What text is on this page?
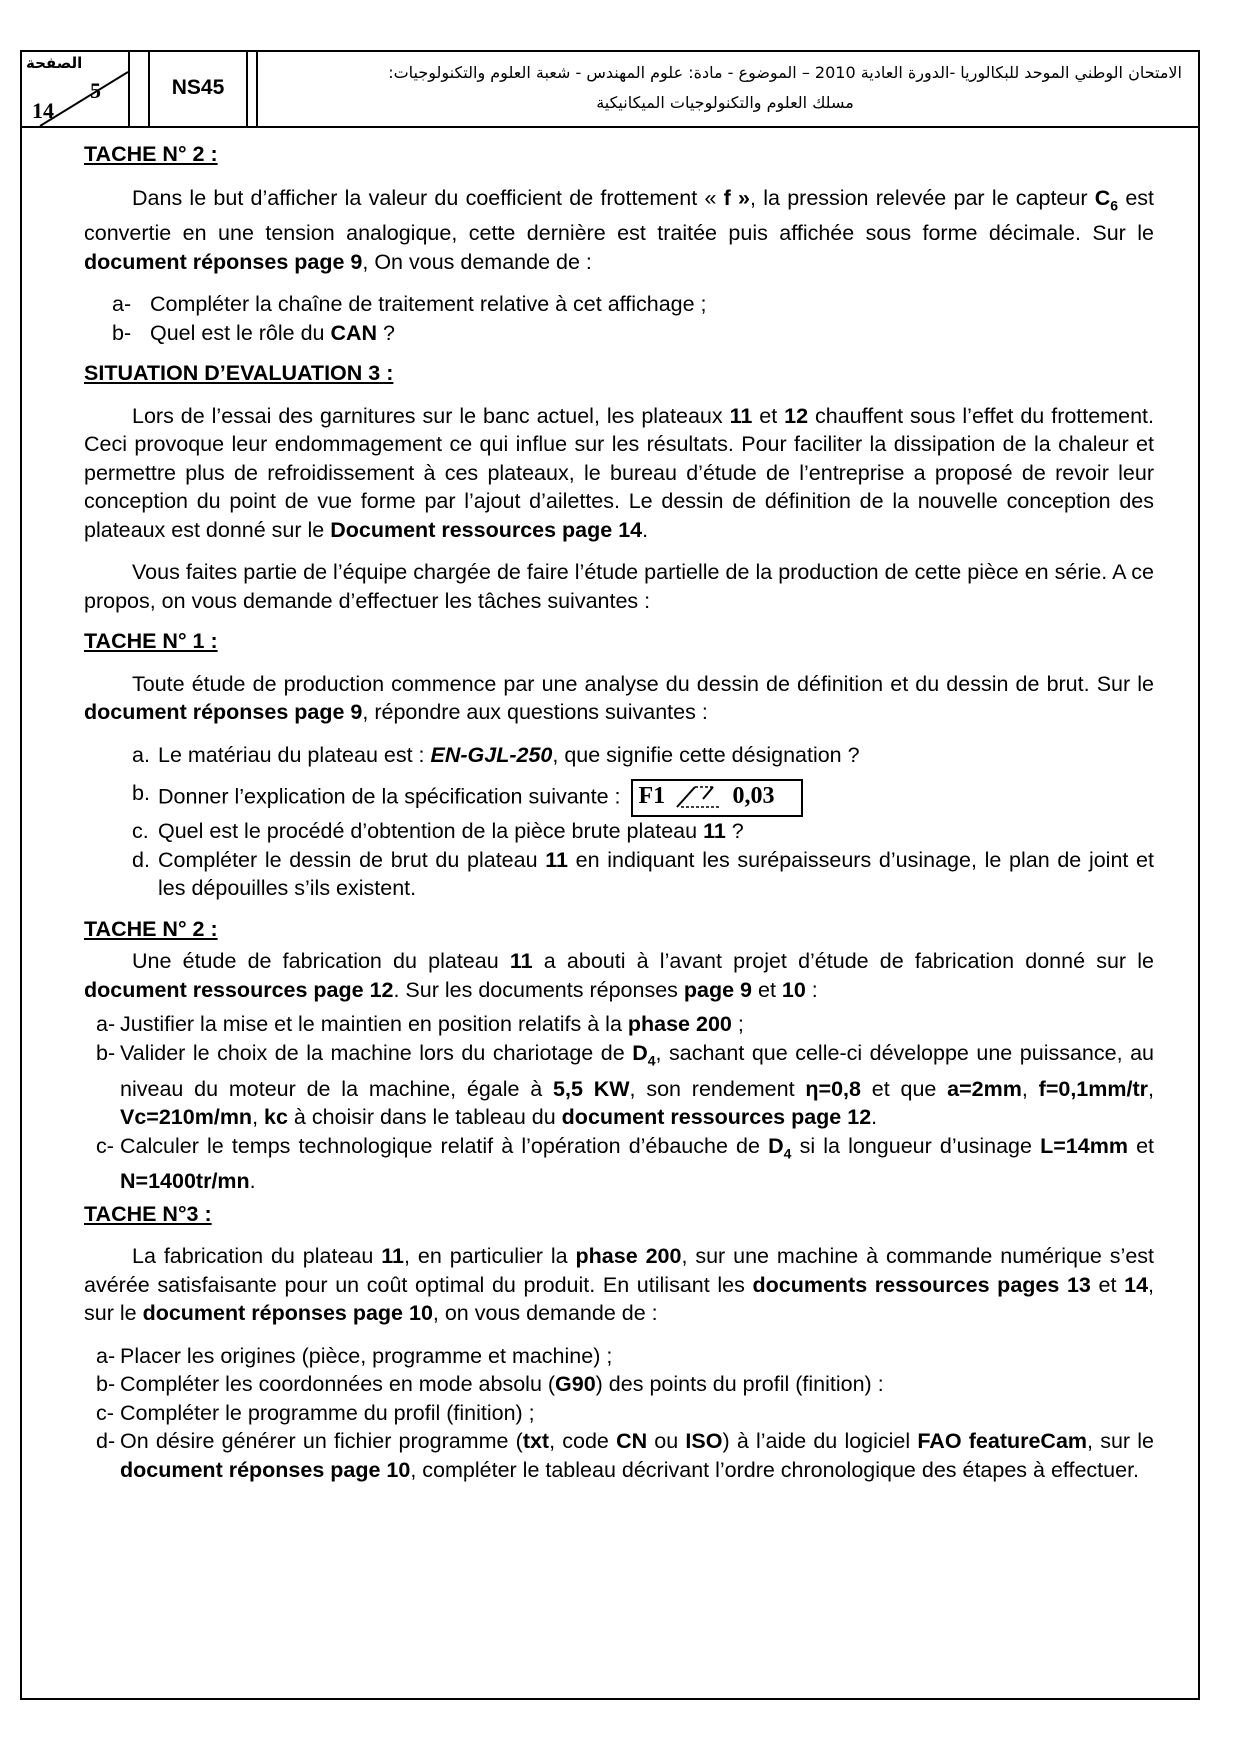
الصفحة
5
14
NS45
الامتحان الوطني الموحد للبكالوريا -الدورة العادية 2010 – الموضوع - مادة: علوم المهندس - شعبة العلوم والتكنولوجيات:
مسلك العلوم والتكنولوجيات الميكانيكية

TACHE N° 2 :

Dans le but d’afficher la valeur du coefficient de frottement « f », la pression relevée par le capteur $C_6$ est convertie en une tension analogique, cette dernière est traitée puis affichée sous forme décimale. Sur le document réponses page 9, On vous demande de :

a- Compléter la chaîne de traitement relative à cet affichage ;
b- Quel est le rôle du CAN ?

SITUATION D’EVALUATION 3 :

Lors de l’essai des garnitures sur le banc actuel, les plateaux 11 et 12 chauffent sous l’effet du frottement. Ceci provoque leur endommagement ce qui influe sur les résultats. Pour faciliter la dissipation de la chaleur et permettre plus de refroidissement à ces plateaux, le bureau d’étude de l’entreprise a proposé de revoir leur conception du point de vue forme par l’ajout d’ailettes. Le dessin de définition de la nouvelle conception des plateaux est donné sur le Document ressources page 14.

Vous faites partie de l’équipe chargée de faire l’étude partielle de la production de cette pièce en série. A ce propos, on vous demande d’effectuer les tâches suivantes :

TACHE N° 1 :

Toute étude de production commence par une analyse du dessin de définition et du dessin de brut. Sur le document réponses page 9, répondre aux questions suivantes :

a. Le matériau du plateau est : EN-GJL-250, que signifie cette désignation ?
b. Donner l’explication de la spécification suivante : F1	0,03
c. Quel est le procédé d’obtention de la pièce brute plateau 11 ?
d. Compléter le dessin de brut du plateau 11 en indiquant les surépaisseurs d’usinage, le plan de joint et les dépouilles s’ils existent.

TACHE N° 2 :

Une étude de fabrication du plateau 11 a abouti à l’avant projet d’étude de fabrication donné sur le document ressources page 12. Sur les documents réponses page 9 et 10 :

a- Justifier la mise et le maintien en position relatifs à la phase 200 ;
b- Valider le choix de la machine lors du chariotage de $D_4$, sachant que celle-ci développe une puissance, au niveau du moteur de la machine, égale à 5,5 KW, son rendement η=0,8 et que a=2mm, f=0,1mm/tr, Vc=210m/mn, kc à choisir dans le tableau du document ressources page 12.
c- Calculer le temps technologique relatif à l’opération d’ébauche de $D_4$ si la longueur d’usinage L=14mm et N=1400tr/mn.

TACHE N°3 :

La fabrication du plateau 11, en particulier la phase 200, sur une machine à commande numérique s’est avérée satisfaisante pour un coût optimal du produit. En utilisant les documents ressources pages 13 et 14, sur le document réponses page 10, on vous demande de :

a- Placer les origines (pièce, programme et machine) ;
b- Compléter les coordonnées en mode absolu (G90) des points du profil (finition) :
c- Compléter le programme du profil (finition) ;
d- On désire générer un fichier programme (txt, code CN ou ISO) à l’aide du logiciel FAO featureCam, sur le document réponses page 10, compléter le tableau décrivant l’ordre chronologique des étapes à effectuer.
